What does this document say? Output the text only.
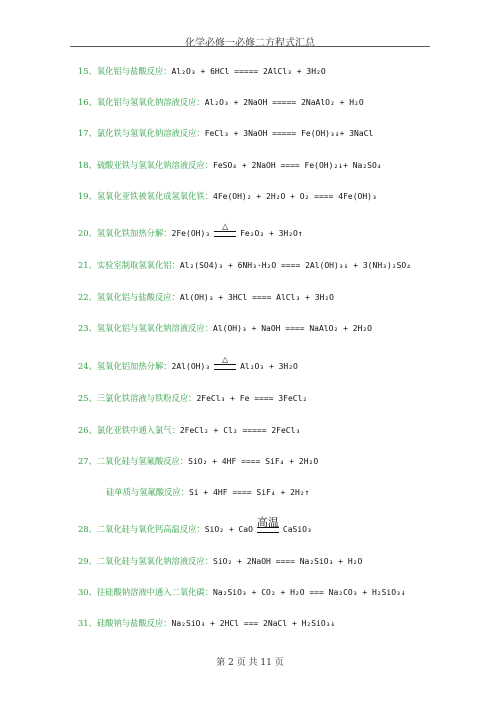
化学必修一必修二方程式汇总
15、氧化铝与盐酸反应：Al₂O₃ + 6HCl ===== 2AlCl₃ + 3H₂O
16、氧化铝与氢氧化钠溶液反应：Al₂O₃ + 2NaOH ===== 2NaAlO₂ + H₂O
17、氯化铁与氢氧化钠溶液反应：FeCl₃ + 3NaOH ===== Fe(OH)₃↓+ 3NaCl
18、硫酸亚铁与氢氧化钠溶液反应：FeSO₄ + 2NaOH ==== Fe(OH)₂↓+ Na₂SO₄
19、氢氧化亚铁被氧化成氢氧化铁：4Fe(OH)₂ + 2H₂O + O₂ ==== 4Fe(OH)₃
20、氢氧化铁加热分解：2Fe(OH)₃
△
Fe₂O₃ + 3H₂O↑
21、实验室制取氢氧化铝：Al₂(SO4)₃ + 6NH₃·H₂O ==== 2Al(OH)₃↓ + 3(NH₃)₂SO₄
22、氢氧化铝与盐酸反应：Al(OH)₃ + 3HCl ==== AlCl₃ + 3H₂O
23、氢氧化铝与氢氧化钠溶液反应：Al(OH)₃ + NaOH ==== NaAlO₂ + 2H₂O
24、氢氧化铝加热分解：2Al(OH)₃
△
Al₂O₃ + 3H₂O
25、三氯化铁溶液与铁粉反应：2FeCl₃ + Fe ==== 3FeCl₂
26、氯化亚铁中通入氯气：2FeCl₂ + Cl₂ ===== 2FeCl₃
27、二氧化硅与氢氟酸反应：SiO₂ + 4HF ==== SiF₄ + 2H₂O
硅单质与氢氟酸反应：Si + 4HF ==== SiF₄ + 2H₂↑
28、二氧化硅与氧化钙高温反应：SiO₂ + CaO
高温
CaSiO₃
29、二氧化硅与氢氧化钠溶液反应：SiO₂ + 2NaOH ==== Na₂SiO₃ + H₂O
30、往硅酸钠溶液中通入二氧化碳：Na₂SiO₃ + CO₂ + H₂O === Na₂CO₃ + H₂SiO₃↓
31、硅酸钠与盐酸反应：Na₂SiO₃ + 2HCl === 2NaCl + H₂SiO₃↓
第 2 页 共 11 页
